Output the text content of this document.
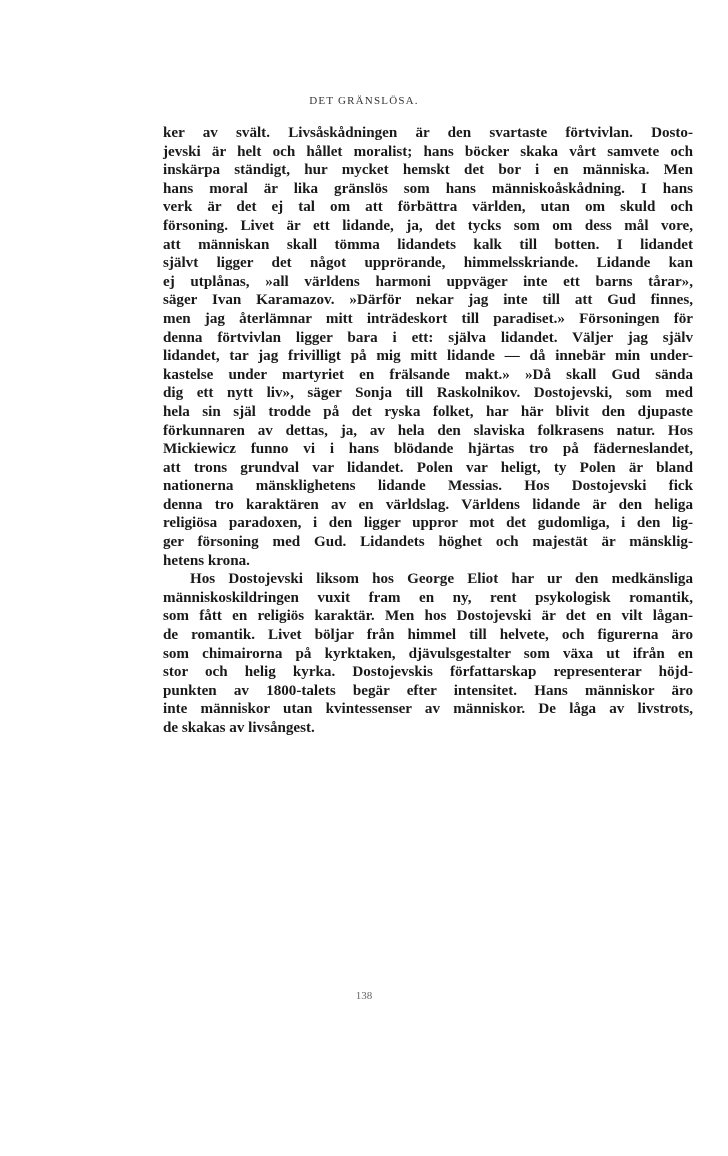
DET GRÄNSLÖSA.
ker av svält. Livsåskådningen är den svartaste förtvivlan. Dosto-
jevski är helt och hållet moralist; hans böcker skaka vårt samvete och
inskärpa ständigt, hur mycket hemskt det bor i en människa. Men
hans moral är lika gränslös som hans människoåskådning. I hans
verk är det ej tal om att förbättra världen, utan om skuld och
försoning. Livet är ett lidande, ja, det tycks som om dess mål vore,
att människan skall tömma lidandets kalk till botten. I lidandet
självt ligger det något upprörande, himmelsskriande. Lidande kan
ej utplånas, »all världens harmoni uppväger inte ett barns tårar»,
säger Ivan Karamazov. »Därför nekar jag inte till att Gud finnes,
men jag återlämnar mitt inträdeskort till paradiset.» Försoningen för
denna förtvivlan ligger bara i ett: själva lidandet. Väljer jag själv
lidandet, tar jag frivilligt på mig mitt lidande — då innebär min under-
kastelse under martyriet en frälsande makt.» »Då skall Gud sända
dig ett nytt liv», säger Sonja till Raskolnikov. Dostojevski, som med
hela sin själ trodde på det ryska folket, har här blivit den djupaste
förkunnaren av dettas, ja, av hela den slaviska folkrasens natur. Hos
Mickiewicz funno vi i hans blödande hjärtas tro på fäderneslandet,
att trons grundval var lidandet. Polen var heligt, ty Polen är bland
nationerna mänsklighetens lidande Messias. Hos Dostojevski fick
denna tro karaktären av en världslag. Världens lidande är den heliga
religiösa paradoxen, i den ligger uppror mot det gudomliga, i den lig-
ger försoning med Gud. Lidandets höghet och majestät är mänsklig-
hetens krona.
Hos Dostojevski liksom hos George Eliot har ur den medkänsliga
människoskildringen vuxit fram en ny, rent psykologisk romantik,
som fått en religiös karaktär. Men hos Dostojevski är det en vilt lågan-
de romantik. Livet böljar från himmel till helvete, och figurerna äro
som chimairorna på kyrktaken, djävulsgestalter som växa ut ifrån en
stor och helig kyrka. Dostojevskis författarskap representerar höjd-
punkten av 1800-talets begär efter intensitet. Hans människor äro
inte människor utan kvintessenser av människor. De låga av livstrots,
de skakas av livsångest.
138
